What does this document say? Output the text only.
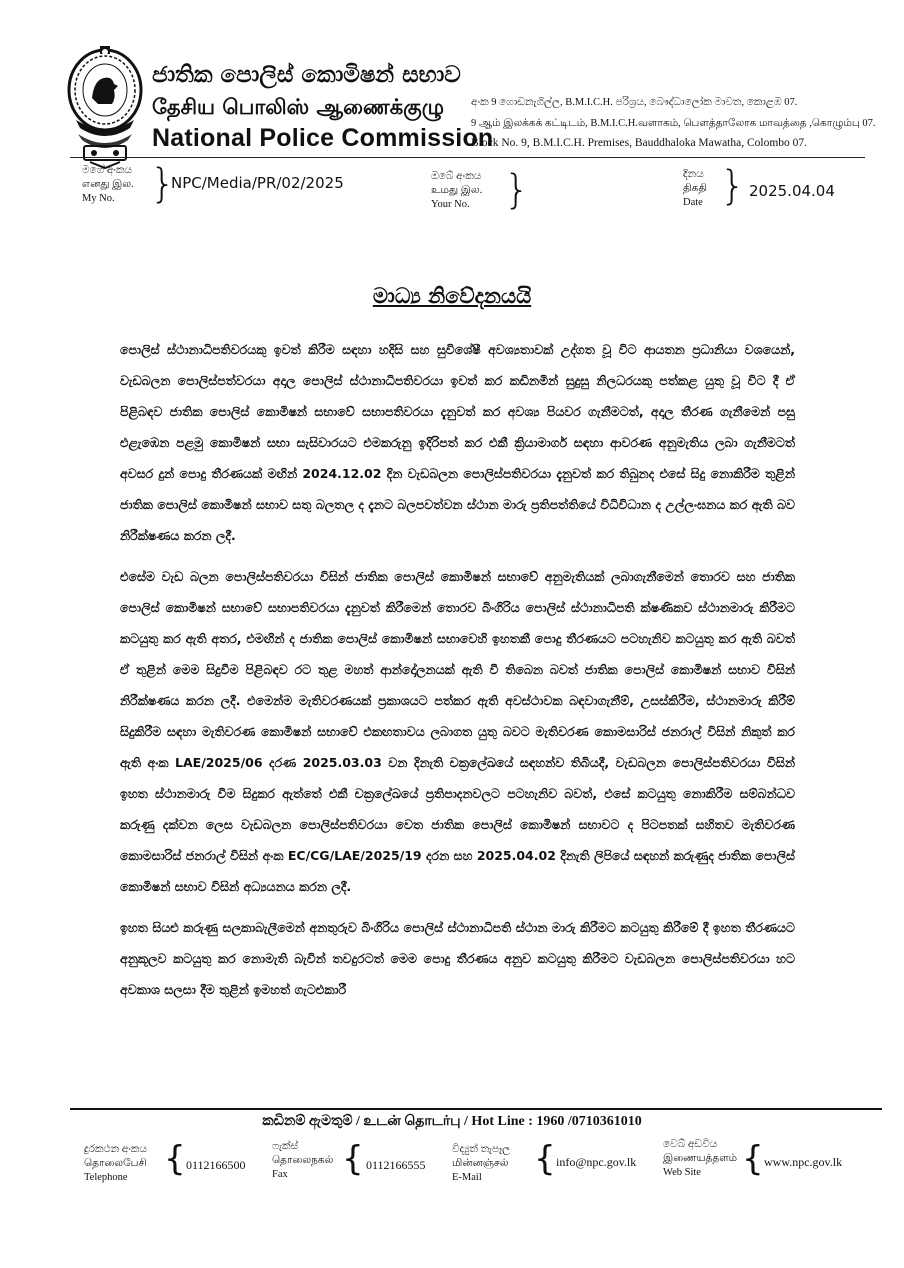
ජාතික පොලිස් කොමිෂන් සභාව
தேசிய பொலிஸ் ஆணைக்குழு
National Police Commission
අංක 9 ගොඩනැගිල්ල, B.M.I.C.H. පරිශ්‍රය, බෞද්ධාලෝක මාවත, කොළඹ 07.
9 ஆம் இலக்கக் கட்டிடம், B.M.I.C.H.வளாகம், பௌத்தாலோக மாவத்தை ,கொழும்பு 07.
Block No. 9, B.M.I.C.H. Premises, Bauddhaloka Mawatha, Colombo 07.
මගේ අංකය
எனது இல.
My No. }
NPC/Media/PR/02/2025	ඔබේ අංකය
உமது இல.
Your No. }	දිනය
திகதி
Date } 2025.04.04
මාධ්‍ය නිවේදනයයි

පොලිස් ස්ථානාධිපතිවරයකු ඉවත් කිරීම සඳහා හදිසි සහ සුවිශේෂී අවශ්‍යතාවක් උද්ගත වූ විට ආයතන ප්‍රධානියා වශයෙන්, වැඩබලන පොලිස්පත්වරයා අදාල පොලිස් ස්ථානාධිපතිවරයා ඉවත් කර කඩිනමින් සුදුසු නිලධරයකු පත්කළ යුතු වූ විට දී ඒ පිළිබඳව ජාතික පොලිස් කොමිෂන් සභාවේ සභාපතිවරයා දැනුවත් කර අවශ්‍ය පියවර ගැනීමටත්, අදාල තීරණ ගැනීමෙන් පසු එළැඹෙන පළමු කොමිෂන් සභා සැසිවාරයට එමකරුනු ඉදිරිපත් කර එකී ක්‍රියාමාර්ග සඳහා ආවරණ අනුමැතිය ලබා ගැනීමටත් අවසර දුන් පොදු තීරණයක් මඟින් 2024.12.02 දින වැඩබලන පොලිස්පතිවරයා දැනුවත් කර තිබුනද එසේ සිදු නොකිරීම තුළින් ජාතික පොලිස් කොමිෂන් සභාව සතු බලතල ද දැනට බලපවත්වන ස්ථාන මාරු ප්‍රතිපත්තියේ විධිවිධාන ද උල්ලංඝනය කර ඇති බව නිරීක්ෂණය කරන ලදී.

එසේම වැඩ බලන පොලිස්පතිවරයා විසින් ජාතික පොලිස් කොමිෂන් සභාවේ අනුමැතියක් ලබාගැනීමෙන් තොරව සහ ජාතික පොලිස් කොමිෂන් සභාවේ සභාපතිවරයා දැනුවත් කිරීමෙන් තොරව බිංගිරිය පොලිස් ස්ථානාධිපති ක්ෂණිකව ස්ථානමාරු කිරීමට කටයුතු කර ඇති අතර, එමඟින් ද ජාතික පොලිස් කොමිෂන් සභාවෙහි ඉහතකී පොදු තීරණයට පටහැනිව කටයුතු කර ඇති බවත් ඒ තුළින් මෙම සිදුවීම පිළිබඳව රට තුළ මහත් ආන්දෝලනයක් ඇති වී තිබෙන බවත් ජාතික පොලිස් කොමිෂන් සභාව විසින් නිරීක්ෂණය කරන ලදී. එමෙන්ම මැතිවරණයක් ප්‍රකාශයට පත්කර ඇති අවස්ථාවක බඳවාගැනීම්, උසස්කිරීම, ස්ථානමාරු කිරීම් සිදුකිරීම සඳහා මැතිවරණ කොමිෂන් සභාවේ එකඟතාවය ලබාගත යුතු බවට මැතිවරණ කොමසාරිස් ජනරාල් විසින් නිකුත් කර ඇති අංක LAE/2025/06 දරණ 2025.03.03 වන දිනැති චක්‍රලේඛයේ සඳහන්ව තිබියදී, වැඩබලන පොලිස්පතිවරයා විසින් ඉහත ස්ථානමාරු වීම සිදුකර ඇත්තේ එකී චක්‍රලේඛයේ ප්‍රතිපාදනවලට පටහැනිව බවත්, එසේ කටයුතු නොකිරීම සම්බන්ධව කරුණු දක්වන ලෙස වැඩබලන පොලිස්පතිවරයා වෙත ජාතික පොලිස් කොමිෂන් සභාවට ද පිටපතක් සහිතව මැතිවරණ කොමසාරිස් ජනරාල් විසින් අංක EC/CG/LAE/2025/19 දරන සහ 2025.04.02 දිනැති ලිපියේ සඳහන් කරුණුද ජාතික පොලිස් කොමිෂන් සභාව විසින් අධ්‍යයනය කරන ලදී.

ඉහත සියළු කරුණු සලකාබැලීමෙන් අනතුරුව බිංගිරිය පොලිස් ස්ථානාධිපති ස්ථාන මාරු කිරීමට කටයුතු කිරීමේ දී ඉහත තීරණයට අනුකූලව කටයුතු කර නොමැති බැවින් තවදුරටත් මෙම පොදු තීරණය අනුව කටයුතු කිරීමට වැඩබලන පොලිස්පතිවරයා හට අවකාශ සලසා දීම තුළින් ඉමහත් ගැටළුකාරී

කඩිනම් ඇමතුම් / உடன் தொடர்பு / Hot Line : 1960 /0710361010
දුරකථන අංකය
தொலைபேசி
Telephone	{ 0112166500
ෆැක්ස්
தொலைநகல்
Fax	{ 0112166555
විද්‍යුත් තැපෑල
மின்னஞ்சல்
E-Mail	{ info@npc.gov.lk
වෙබ් අඩවිය
இணையத்தளம்
Web Site	{ www.npc.gov.lk
